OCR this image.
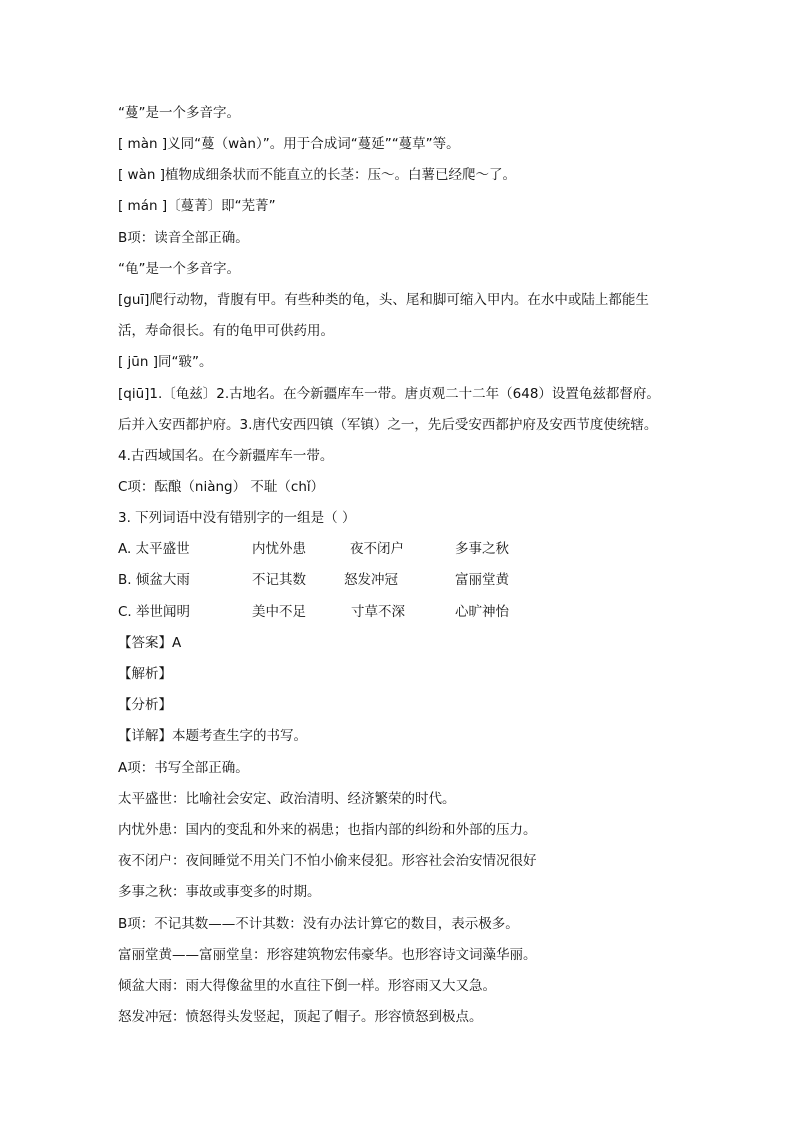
“蔓”是一个多音字。
[ màn ]义同“蔓（wàn）”。用于合成词“蔓延”“蔓草”等。
[ wàn ]植物成细条状而不能直立的长茎：压～。白薯已经爬～了。
[ mán ]〔蔓菁〕即“芜菁”
B项：读音全部正确。
“龟”是一个多音字。
[guī]爬行动物，背腹有甲。有些种类的龟，头、尾和脚可缩入甲内。在水中或陆上都能生
活，寿命很长。有的龟甲可供药用。
[ jūn ]同“皲”。
[qiū]1.〔龟兹〕2.古地名。在今新疆库车一带。唐贞观二十二年（648）设置龟兹都督府。
后并入安西都护府。3.唐代安西四镇（军镇）之一，先后受安西都护府及安西节度使统辖。
4.古西域国名。在今新疆库车一带。
C项：酝酿（niàng） 不耻（chǐ）
3. 下列词语中没有错别字的一组是（ ）
A. 太平盛世	内忧外患	夜不闭户	多事之秋
B. 倾盆大雨	不记其数	怒发冲冠	富丽堂黄
C. 举世闻明	美中不足	寸草不深	心旷神怡
【答案】A
【解析】
【分析】
【详解】本题考查生字的书写。
A项：书写全部正确。
太平盛世：比喻社会安定、政治清明、经济繁荣的时代。
内忧外患：国内的变乱和外来的祸患；也指内部的纠纷和外部的压力。
夜不闭户：夜间睡觉不用关门不怕小偷来侵犯。形容社会治安情况很好
多事之秋：事故或事变多的时期。
B项：不记其数——不计其数：没有办法计算它的数目，表示极多。
富丽堂黄——富丽堂皇：形容建筑物宏伟豪华。也形容诗文词藻华丽。
倾盆大雨：雨大得像盆里的水直往下倒一样。形容雨又大又急。
怒发冲冠：愤怒得头发竖起，顶起了帽子。形容愤怒到极点。
